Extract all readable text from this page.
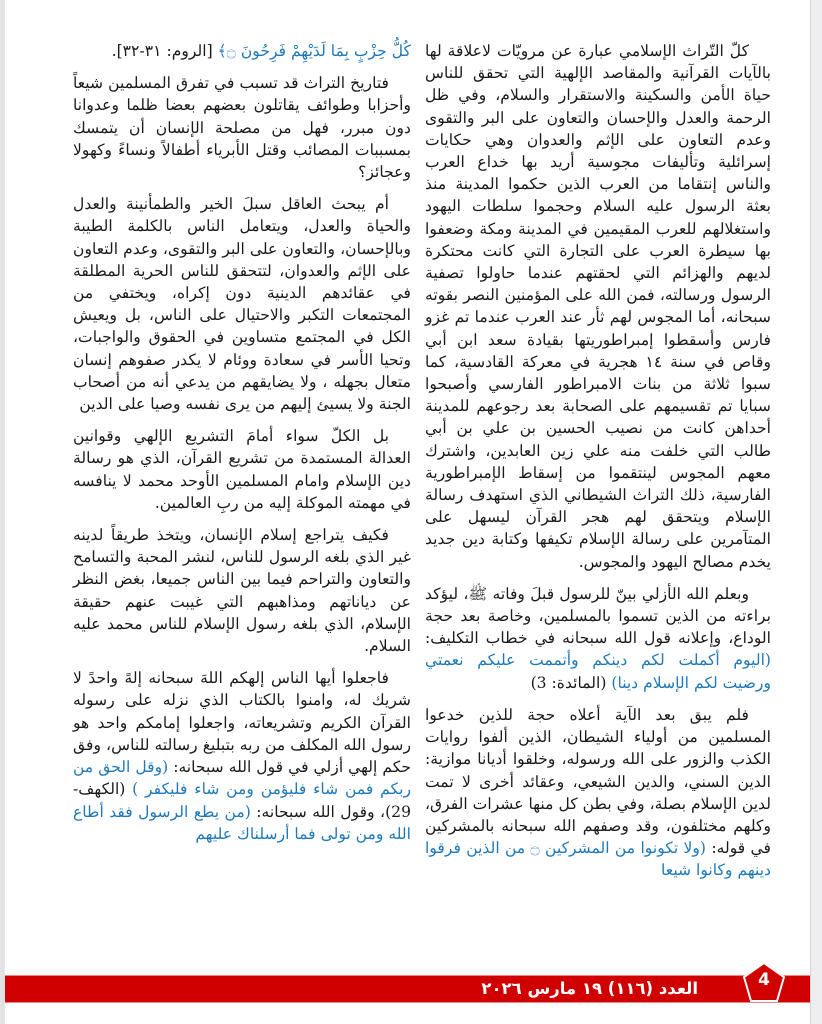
كلّ التّراث الإسلامي عبارة عن مرويّات لاعلاقة لها بالآيات القرآنية والمقاصد الإلهية التي تحقق للناس حياة الأمن والسكينة والاستقرار والسلام، وفي ظل الرحمة والعدل والإحسان والتعاون على البر والتقوى وعدم التعاون على الإثم والعدوان وهي حكايات إسرائلية وتأليفات مجوسية أريد بها خداع العرب والناس إنتقاما من العرب الذين حكموا المدينة منذ بعثة الرسول عليه السلام وحجموا سلطات اليهود واستغلالهم للعرب المقيمين في المدينة ومكة وضعفوا بها سيطرة العرب على التجارة التي كانت محتكرة لديهم والهزائم التي لحقتهم عندما حاولوا تصفية الرسول ورسالته، فمن الله على المؤمنين النصر بقوته سبحانه، أما المجوس لهم ثأر عند العرب عندما تم غزو فارس وأسقطوا إمبراطوريتها بقيادة سعد ابن أبي وقاص في سنة ١٤ هجرية في معركة القادسية، كما سبوا ثلاثة من بنات الامبراطور الفارسي وأصبحوا سبايا تم تقسيمهم على الصحابة بعد رجوعهم للمدينة أحداهن كانت من نصيب الحسين بن علي بن أبي طالب التي خلفت منه علي زين العابدين، واشترك معهم المجوس لينتقموا من إسقاط الإمبراطورية الفارسية، ذلك التراث الشيطاني الذي استهدف رسالة الإسلام ويتحقق لهم هجر القرآن ليسهل على المتآمرين على رسالة الإسلام تكيفها وكتابة دين جديد يخدم مصالح اليهود والمجوس.

وبعلم الله الأزلي بينّ للرسول قبلَ وفاته ﷺ، ليؤكد براءته من الذين تسموا بالمسلمين، وخاصة بعد حجة الوداع، وإعلانه قول الله سبحانه في خطاب التكليف: (اليوم أكملت لكم دينكم وأتممت عليكم نعمتي ورضيت لكم الإسلام دينا) (المائدة: 3)

فلم يبق بعد الآية أعلاه حجة للذين خدعوا المسلمين من أولياء الشيطان، الذين ألفوا روايات الكذب والزور على الله ورسوله، وخلقوا أديانا موازية: الدين السني، والدين الشيعي، وعقائد أخرى لا تمت لدين الإسلام بصلة، وفي بطن كل منها عشرات الفرق، وكلهم مختلفون، وقد وصفهم الله سبحانه بالمشركين في قوله: (ولا تكونوا من المشركين ۝ من الذين فرقوا دينهم وكانوا شيعا

كُلُّ حِزْبٍ بِمَا لَدَيْهِمْ فَرِحُونَ ۝﴾ [الروم: ٣١-٣٢].

فتاريخ التراث قد تسبب في تفرق المسلمين شيعاً وأحزابا وطوائف يقاتلون بعضهم بعضا ظلما وعدوانا دون مبرر، فهل من مصلحة الإنسان أن يتمسك بمسببات المصائب وقتل الأبرياء أطفالاً ونساءً وكهولا وعجائز؟

أم يبحث العاقل سبلَ الخير والطمأنينة والعدل والحياة والعدل، ويتعامل الناس بالكلمة الطيبة وبالإحسان، والتعاون على البر والتقوى، وعدم التعاون على الإثم والعدوان، لتتحقق للناس الحرية المطلقة في عقائدهم الدينية دون إكراه، ويختفي من المجتمعات التكبر والاحتيال على الناس، بل ويعيش الكل في المجتمع متساوين في الحقوق والواجبات، وتحيا الأسر في سعادة ووئام لا يكدر صفوهم إنسان متعال بجهله ، ولا يضايقهم من يدعي أنه من أصحاب الجنة ولا يسيئ إليهم من يرى نفسه وصيا على الدين

بل الكلّ سواء أمامَ التشريع الإلهي وقوانين العدالة المستمدة من تشريع القرآن، الذي هو رسالة دين الإسلام وامام المسلمين الأوحد محمد لا ينافسه في مهمته الموكلة إليه من ربِ العالمين.

فكيف يتراجع إسلام الإنسان، ويتخذ طريقاً لدينه غير الذي بلغه الرسول للناس، لنشر المحبة والتسامح والتعاون والتراحم فيما بين الناس جميعا، بغض النظر عن دياناتهم ومذاهبهم التي غيبت عنهم حقيقة الإسلام، الذي بلغه رسول الإسلام للناس محمد عليه السلام.

فاجعلوا أيها الناس إلهكم اللهَ سبحانه إلهً واحدً لا شريك له، وامنوا بالكتاب الذي نزله على رسوله القرآن الكريم وتشريعاته، واجعلوا إمامكم واحد هو رسول الله المكلف من ربه بتبليغ رسالته للناس، وفق حكم إلهي أزلي في قول الله سبحانه: (وقل الحق من ربكم فمن شاء فليؤمن ومن شاء فليكفر ) (الكهف- 29)، وقول الله سبحانه: (من يطع الرسول فقد أطاع الله ومن تولى فما أرسلناك عليهم

العدد (١١٦) ١٩ مارس ٢٠٢٦	4
